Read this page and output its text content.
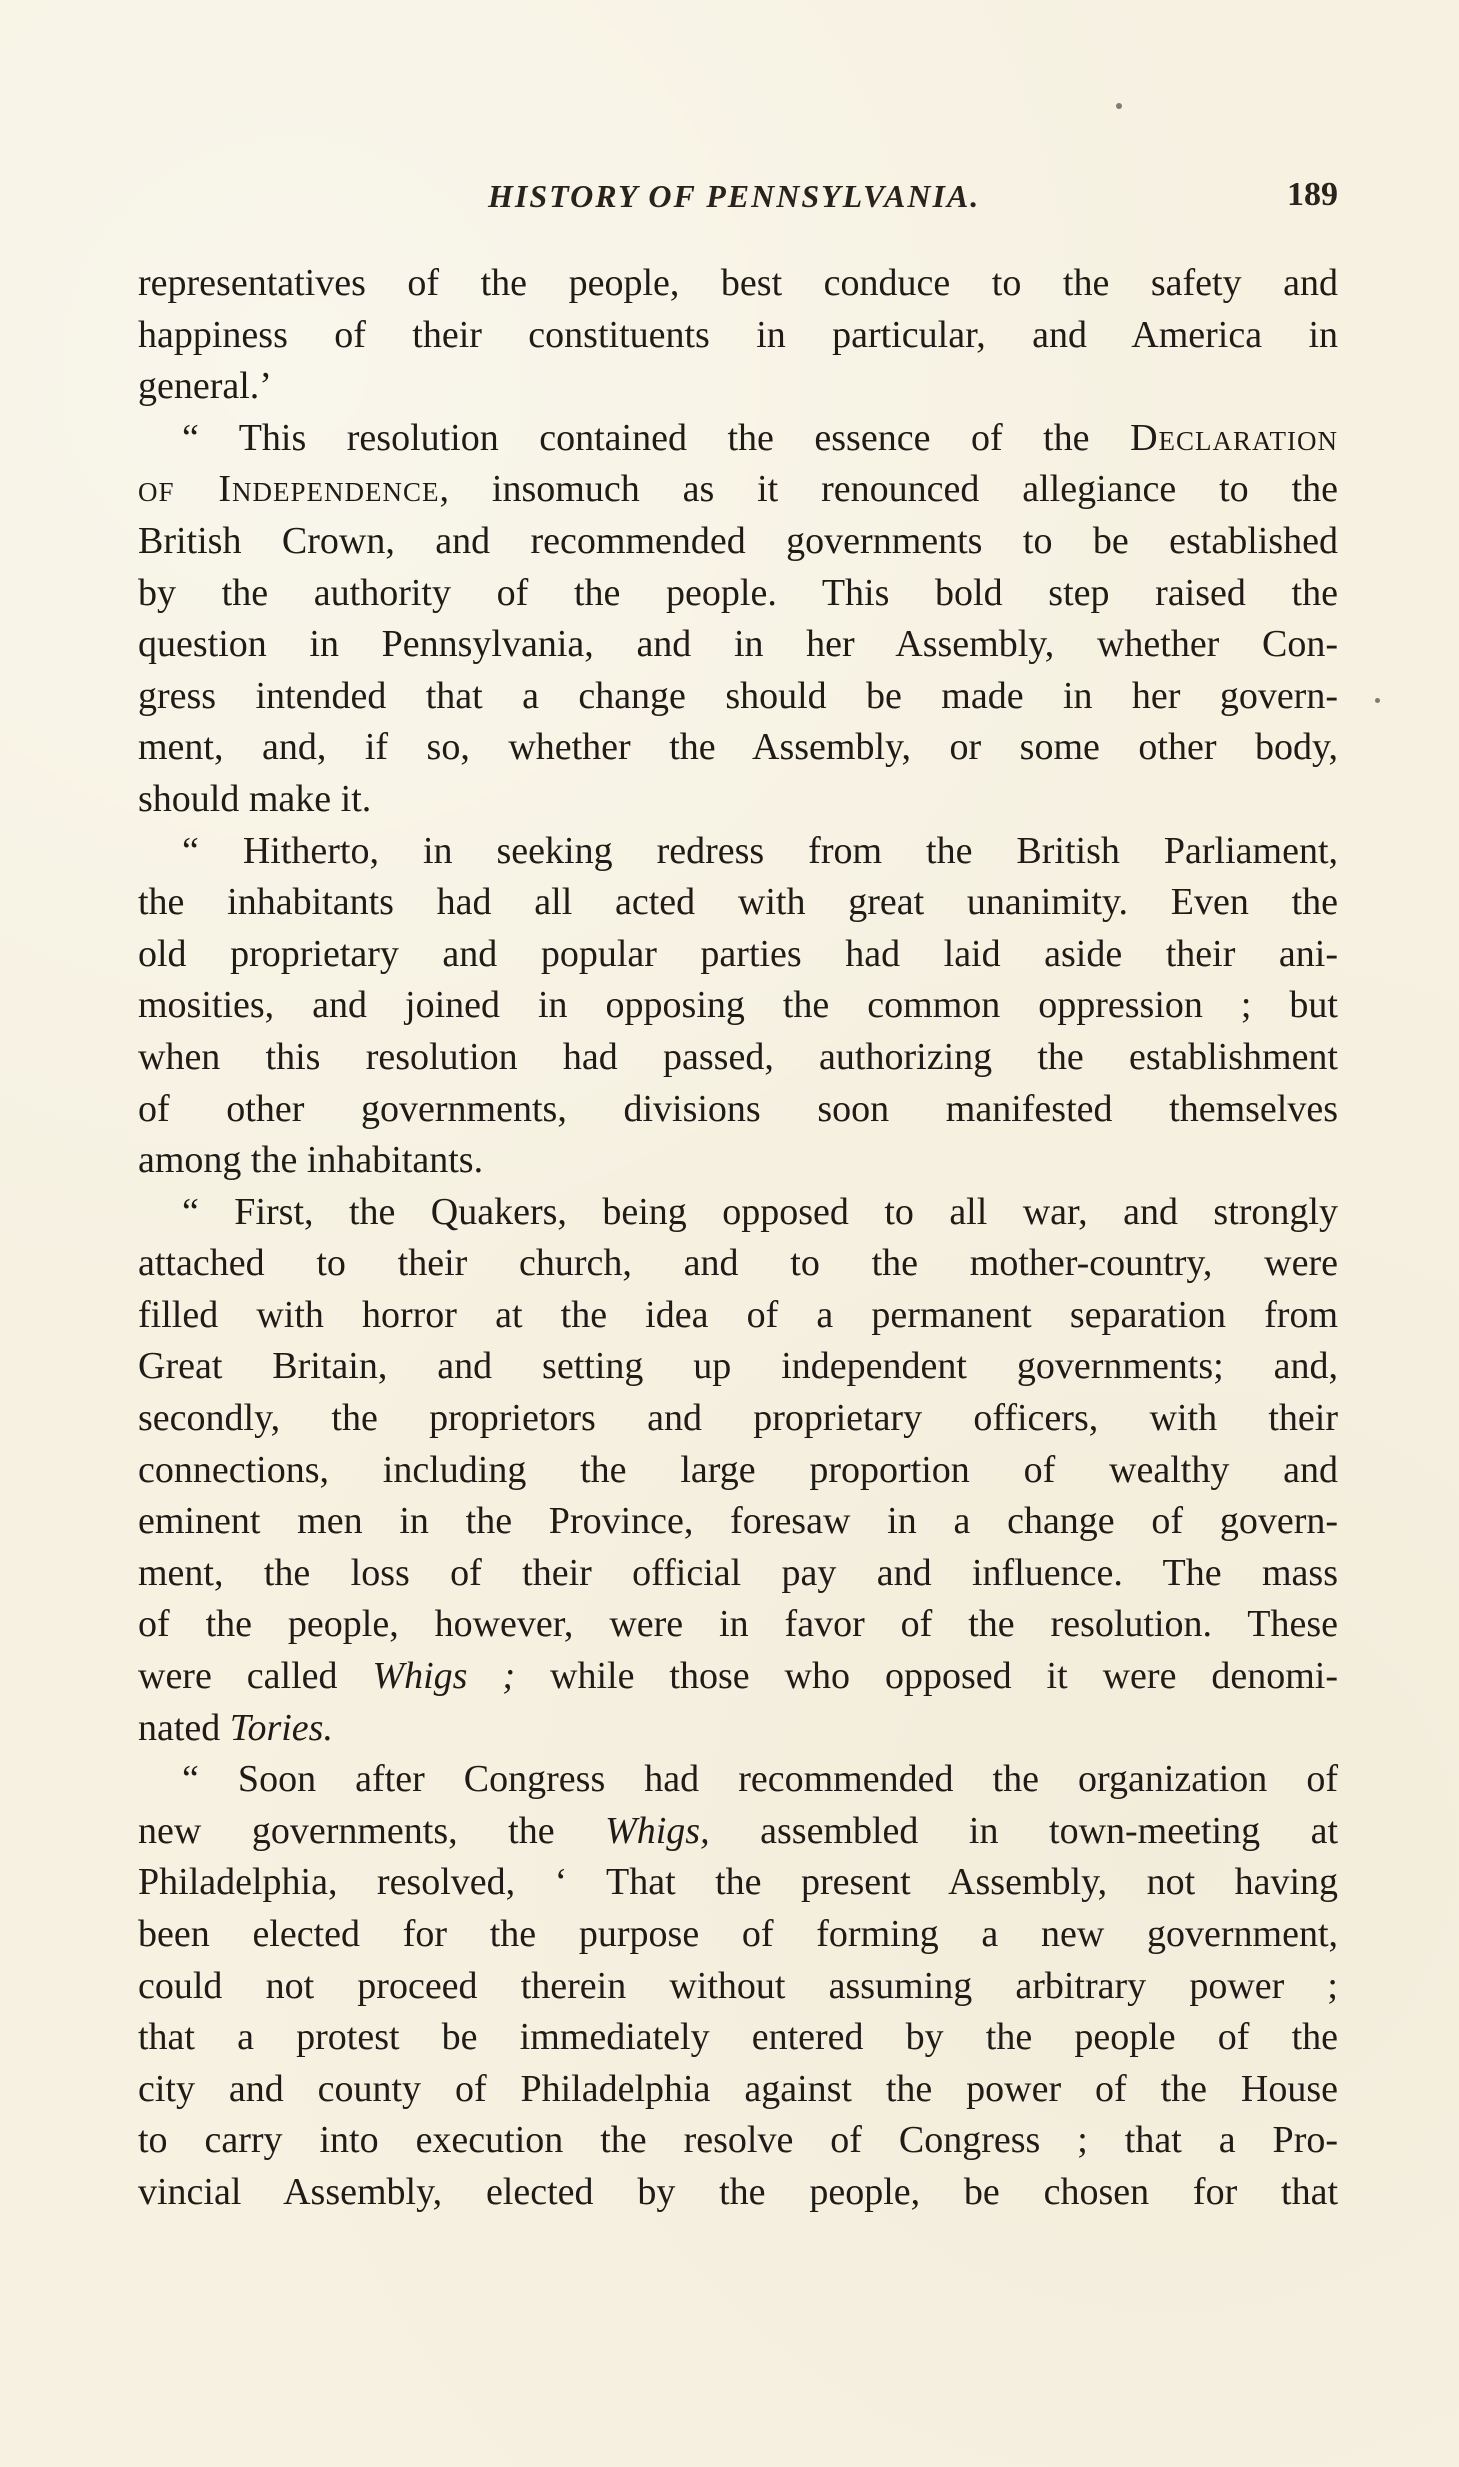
HISTORY OF PENNSYLVANIA.	189
representatives of the people, best conduce to the safety and
happiness of their constituents in particular, and America in
general.’
“ This resolution contained the essence of the Declaration
of Independence, insomuch as it renounced allegiance to the
British Crown, and recommended governments to be established
by the authority of the people. This bold step raised the
question in Pennsylvania, and in her Assembly, whether Con-
gress intended that a change should be made in her govern-
ment, and, if so, whether the Assembly, or some other body,
should make it.
“ Hitherto, in seeking redress from the British Parliament,
the inhabitants had all acted with great unanimity. Even the
old proprietary and popular parties had laid aside their ani-
mosities, and joined in opposing the common oppression ; but
when this resolution had passed, authorizing the establishment
of other governments, divisions soon manifested themselves
among the inhabitants.
“ First, the Quakers, being opposed to all war, and strongly
attached to their church, and to the mother-country, were
filled with horror at the idea of a permanent separation from
Great Britain, and setting up independent governments; and,
secondly, the proprietors and proprietary officers, with their
connections, including the large proportion of wealthy and
eminent men in the Province, foresaw in a change of govern-
ment, the loss of their official pay and influence. The mass
of the people, however, were in favor of the resolution. These
were called Whigs ; while those who opposed it were denomi-
nated Tories.
“ Soon after Congress had recommended the organization of
new governments, the Whigs, assembled in town-meeting at
Philadelphia, resolved, ‘ That the present Assembly, not having
been elected for the purpose of forming a new government,
could not proceed therein without assuming arbitrary power ;
that a protest be immediately entered by the people of the
city and county of Philadelphia against the power of the House
to carry into execution the resolve of Congress ; that a Pro-
vincial Assembly, elected by the people, be chosen for that
